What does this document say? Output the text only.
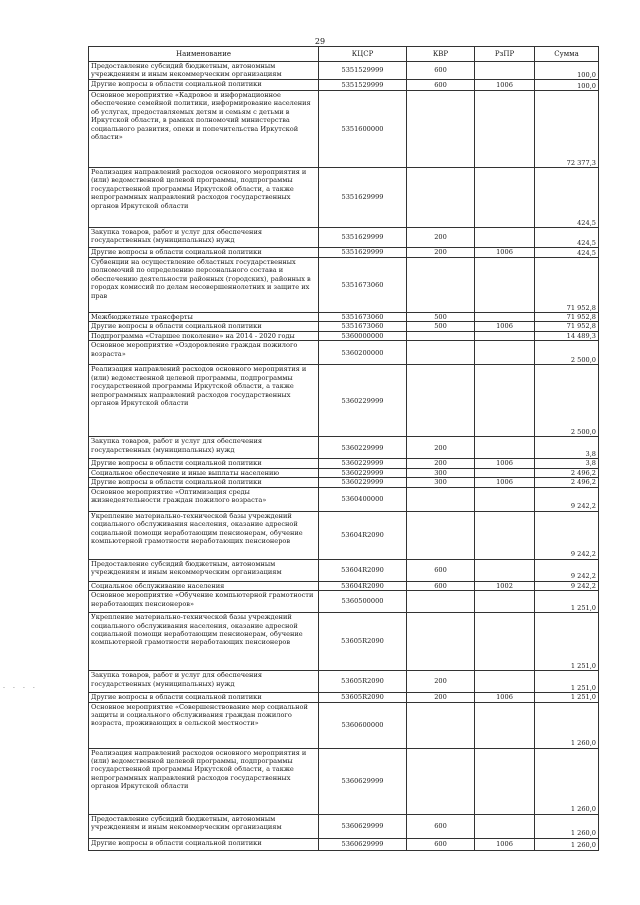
29
Наименование	КЦСР	КВР	РзПР	Сумма
Предоставление субсидий бюджетным, автономным учреждениям и иным некоммерческим организациям	5351529999	600		100,0
Другие вопросы в области социальной политики	5351529999	600	1006	100,0
Основное мероприятие «Кадровое и информационное обеспечение семейной политики, информирование населения об услугах, предоставляемых детям и семьям с детьми в Иркутской области, в рамках полномочий министерства социального развития, опеки и попечительства Иркутской области»	5351600000			72 377,3
Реализация направлений расходов основного мероприятия и (или) ведомственной целевой программы, подпрограммы государственной программы Иркутской области, а также непрограммных направлений расходов государственных органов Иркутской области	5351629999			424,5
Закупка товаров, работ и услуг для обеспечения государственных (муниципальных) нужд	5351629999	200		424,5
Другие вопросы в области социальной политики	5351629999	200	1006	424,5
Субвенции на осуществление областных государственных полномочий по определению персонального состава и обеспечению деятельности районных (городских), районных в городах комиссий по делам несовершеннолетних и защите их прав	5351673060			71 952,8
Межбюджетные трансферты	5351673060	500		71 952,8
Другие вопросы в области социальной политики	5351673060	500	1006	71 952,8
Подпрограмма «Старшее поколение» на 2014 - 2020 годы	5360000000			14 489,3
Основное мероприятие «Оздоровление граждан пожилого возраста»	5360200000			2 500,0
Реализация направлений расходов основного мероприятия и (или) ведомственной целевой программы, подпрограммы государственной программы Иркутской области, а также непрограммных направлений расходов государственных органов Иркутской области	5360229999			2 500,0
Закупка товаров, работ и услуг для обеспечения государственных (муниципальных) нужд	5360229999	200		3,8
Другие вопросы в области социальной политики	5360229999	200	1006	3,8
Социальное обеспечение и иные выплаты населению	5360229999	300		2 496,2
Другие вопросы в области социальной политики	5360229999	300	1006	2 496,2
Основное мероприятие «Оптимизация среды жизнедеятельности граждан пожилого возраста»	5360400000			9 242,2
Укрепление материально-технической базы учреждений социального обслуживания населения, оказание адресной социальной помощи неработающим пенсионерам, обучение компьютерной грамотности неработающих пенсионеров	53604R2090			9 242,2
Предоставление субсидий бюджетным, автономным учреждениям и иным некоммерческим организациям	53604R2090	600		9 242,2
Социальное обслуживание населения	53604R2090	600	1002	9 242,2
Основное мероприятие «Обучение компьютерной грамотности неработающих пенсионеров»	5360500000			1 251,0
Укрепление материально-технической базы учреждений социального обслуживания населения, оказание адресной социальной помощи неработающим пенсионерам, обучение компьютерной грамотности неработающих пенсионеров	53605R2090			1 251,0
Закупка товаров, работ и услуг для обеспечения государственных (муниципальных) нужд	53605R2090	200		1 251,0
Другие вопросы в области социальной политики	53605R2090	200	1006	1 251,0
Основное мероприятие «Совершенствование мер социальной защиты и социального обслуживания граждан пожилого возраста, проживающих в сельской местности»	5360600000			1 260,0
Реализация направлений расходов основного мероприятия и (или) ведомственной целевой программы, подпрограммы государственной программы Иркутской области, а также непрограммных направлений расходов государственных органов Иркутской области	5360629999			1 260,0
Предоставление субсидий бюджетным, автономным учреждениям и иным некоммерческим организациям	5360629999	600		1 260,0
Другие вопросы в области социальной политики	5360629999	600	1006	1 260,0
- - - -
